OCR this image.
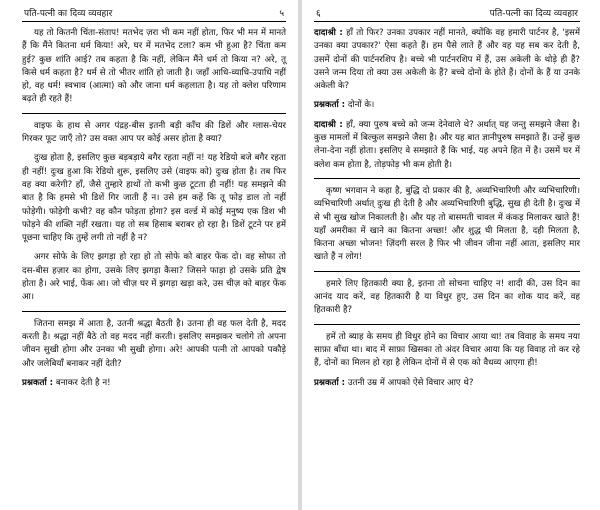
पति-पत्नी का दिव्य व्यवहार	५

यह तो कितनी चिंता-संताप! मतभेद ज़रा भी कम नहीं होता, फिर भी मन में मानते हैं कि मैंने कितना धर्म किया! अरे, घर में मतभेद टला? कम भी हुआ है? चिंता कम हुई? कुछ शांति आई? तब कहता है कि नहीं, लेकिन मैंने धर्म तो किया न? अरे, तू किसे धर्म कहता है? धर्म से तो भीतर शांति हो जाती है। जहाँ आधि-व्याधि-उपाधि नहीं हो, वह धर्म! स्वभाव (आत्मा) को और जाना धर्म कहलाता है। यह तो क्लेश परिणाम बढ़ते ही रहते हैं!

वाइफ के हाथ से अगर पंद्रह-बीस इतनी बड़ी काँच की डिशें और ग्लास-चेयर गिरकर फूट जाएँ तो? उस वक्त आप पर कोई असर होता है क्या?

दुःख होता है, इसलिए कुछ बड़बड़ाये बगैर रहता नहीं न! यह रेडियो बजे बगैर रहता ही नहीं! दुःख हुआ कि रेडियो शुरू, इसलिए उसे (वाइफ को) दुःख होता है। तब फिर वह क्या करेगी? हाँ, जैसे तुम्हारे हाथों तो कभी कुछ टूटता ही नहीं! यह समझने की बात है कि हमसे भी डिशें गिर जाती हैं न। उसे हम कहें कि तू फोड़ डाल तो नहीं फोड़ेगी। फोड़ेगी कभी? वह कौन फोड़ता होगा? इस वर्ल्ड में कोई मनुष्य एक डिश भी फोड़ने की शक्ति नहीं रखता। यह तो सब हिसाब बराबर हो रहा है। डिशें टूटने पर हमें पूछना चाहिए कि तुम्हें लगी तो नहीं है न?

अगर सोफे के लिए झगड़ा हो रहा हो तो सोफे को बाहर फेंक दो। वह सोफा तो दस-बीस हज़ार का होगा, उसके लिए झगड़ा कैसा? जिसने फाड़ा हो उसके प्रति द्वेष होता है। अरे भाई, फेंक आ। जो चीज़ घर में झगड़ा खड़ा करे, उस चीज़ को बाहर फेंक आ।

जितना समझ में आता है, उतनी श्रद्धा बैठती है। उतना ही वह फल देती है, मदद करती है। श्रद्धा नहीं बैठे तो वह मदद नहीं करती। इसलिए समझकर चलोगे तो अपना जीवन सुखी होगा और उनका भी सुखी होगा। अरे! आपकी पत्नी तो आपको पकौड़े और जलेबियाँ बनाकर नहीं देती?

प्रश्नकर्ता : बनाकर देती है न!

६	पति-पत्नी का दिव्य व्यवहार

दादाश्री : हाँ तो फिर? उनका उपकार नहीं मानते, क्योंकि वह हमारी पार्टनर है, 'इसमें उनका क्या उपकार?' ऐसा कहते हैं। हम पैसे लाते हैं और वह यह सब कर देती है, उसमें दोनों की पार्टनरशिप है। बच्चे भी पार्टनरशिप में हैं, उस अकेली के थोड़े ही हैं? उसने जन्म दिया तो क्या उस अकेली के हैं? बच्चे दोनों के होते हैं। दोनों के हैं या उनके अकेली के?

प्रश्नकर्ता : दोनों के।

दादाश्री : हाँ, क्या पुरुष बच्चे को जन्म देनेवाले थे? अर्थात् यह जन्तु समझने जैसा है। कुछ मामलों में बिल्कुल समझने जैसा है। और यह बात ज्ञानीपुरुष समझाते हैं। उन्हें कुछ लेना-देना नहीं होता। इसलिए वे समझाते हैं कि भाई, यह अपने हित में है। उसमें घर में क्लेश कम होता है, तोड़फोड़ भी कम होती है।

कृष्ण भगवान ने कहा है, बुद्धि दो प्रकार की है, अव्यभिचारिणी और व्यभिचारिणी। व्यभिचारिणी अर्थात् दुःख ही देती है और अव्यभिचारिणी बुद्धि, सुख ही देती है। दुःख में से भी सुख खोज निकालती है। और यह तो बासमती चावल में कंकड़ मिलाकर खाते हैं! यहाँ अमरीका में खाने का कितना अच्छा! और शुद्ध घी मिलता है, दही मिलता है, कितना अच्छा भोजन! ज़िंदगी सरल है फिर भी जीवन जीना नहीं आता, इसलिए मार खाते हैं न लोग!

हमारे लिए हितकारी क्या है, इतना तो सोचना चाहिए न! शादी की, उस दिन का आनंद याद करें, वह हितकारी है या विधुर हुए, उस दिन का शोक याद करें, वह हितकारी है?

हमें तो ब्याह के समय ही विधुर होने का विचार आया था! तब विवाह के समय नया साफ़ा बाँधा था। बाद में साफ़ा खिसका तो अंदर विचार आया कि यह विवाह तो कर रहे हैं, दोनों का मिलन हो रहा है लेकिन दोनों में से एक को वैधव्य आएगा ही!

प्रश्नकर्ता : उतनी उम्र में आपको ऐसे विचार आए थे?
